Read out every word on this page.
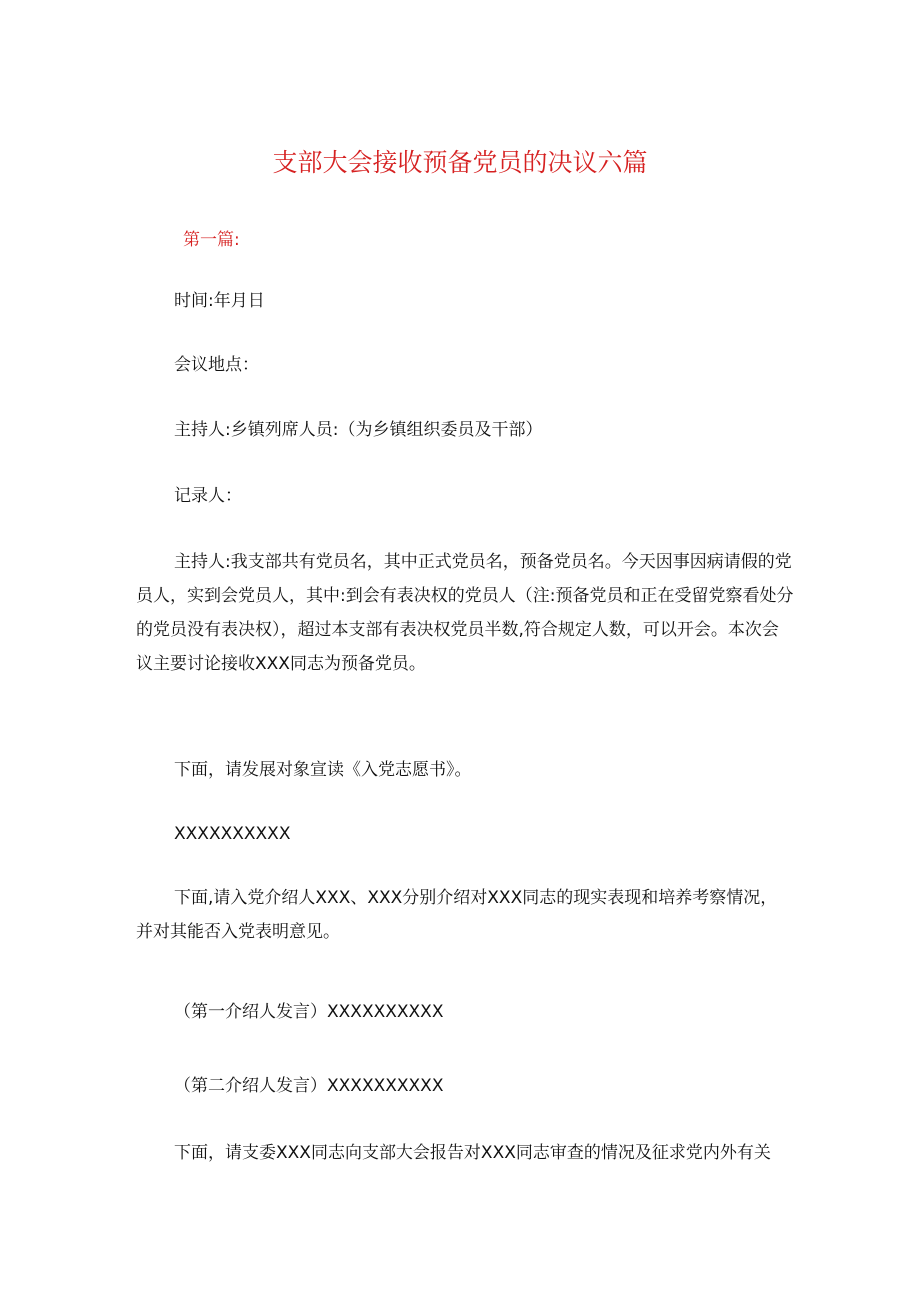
支部大会接收预备党员的决议六篇
第一篇:
时间:年月日
会议地点：
主持人:乡镇列席人员:（为乡镇组织委员及干部）
记录人：
主持人:我支部共有党员名，其中正式党员名，预备党员名。今天因事因病请假的党
员人，实到会党员人，其中:到会有表决权的党员人（注:预备党员和正在受留党察看处分
的党员没有表决权），超过本支部有表决权党员半数,符合规定人数，可以开会。本次会
议主要讨论接收XXX同志为预备党员。
下面，请发展对象宣读《入党志愿书》。
XXXXXXXXXX
下面,请入党介绍人XXX、XXX分别介绍对XXX同志的现实表现和培养考察情况，
并对其能否入党表明意见。
（第一介绍人发言）XXXXXXXXXX
（第二介绍人发言）XXXXXXXXXX
下面，请支委XXX同志向支部大会报告对XXX同志审查的情况及征求党内外有关
